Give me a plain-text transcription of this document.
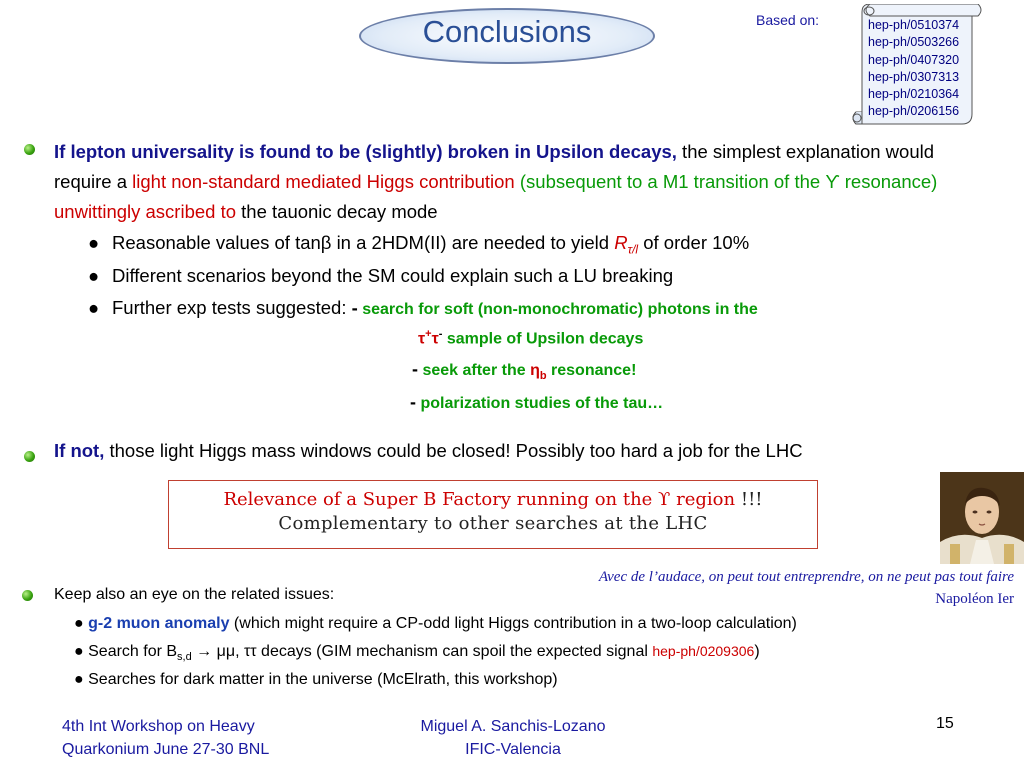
Conclusions	Based on:	hep-ph/0510374
hep-ph/0503266
hep-ph/0407320
hep-ph/0307313
hep-ph/0210364
hep-ph/0206156
If lepton universality is found to be (slightly) broken in Upsilon decays, the simplest explanation would require a light non-standard mediated Higgs contribution (subsequent to a M1 transition of the ϒ resonance) unwittingly ascribed to the tauonic decay mode
● Reasonable values of tanβ in a 2HDM(II) are needed to yield $R_{\tau/l}$ of order 10%
● Different scenarios beyond the SM could explain such a LU breaking
● Further exp tests suggested: - search for soft (non-monochromatic) photons in the
τ+τ- sample of Upsilon decays
- seek after the $\eta_b$ resonance!
- polarization studies of the tau…
If not, those light Higgs mass windows could be closed! Possibly too hard a job for the LHC
Relevance of a Super B Factory running on the ϒ region !!!
Complementary to other searches at the LHC
Avec de l’audace, on peut tout entreprendre, on ne peut pas tout faire
Napoléon Ier
Keep also an eye on the related issues:
● g-2 muon anomaly (which might require a CP-odd light Higgs contribution in a two-loop calculation)
● Search for $B_{s,d} \to \mu\mu$, ττ decays (GIM mechanism can spoil the expected signal hep-ph/0209306)
● Searches for dark matter in the universe (McElrath, this workshop)
4th Int Workshop on Heavy
Quarkonium June 27-30 BNL
Miguel A. Sanchis-Lozano
IFIC-Valencia
15
